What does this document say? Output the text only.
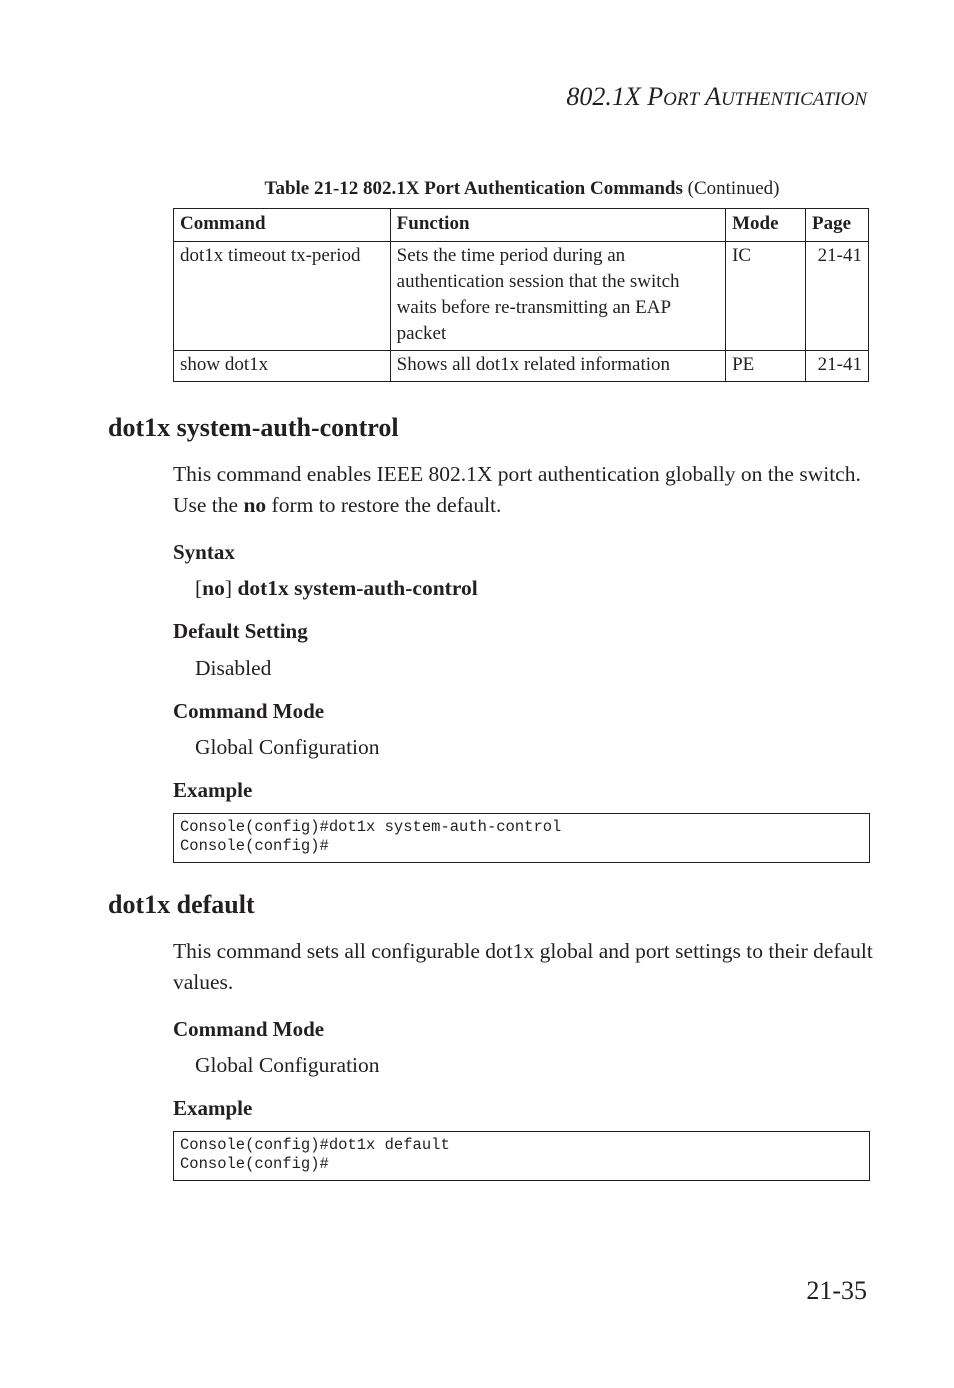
802.1X PORT AUTHENTICATION
Table 21-12 802.1X Port Authentication Commands (Continued)
Command	Function	Mode	Page
dot1x timeout tx-period	Sets the time period during an authentication session that the switch waits before re-transmitting an EAP packet	IC	21-41
show dot1x	Shows all dot1x related information	PE	21-41
dot1x system-auth-control

This command enables IEEE 802.1X port authentication globally on the switch. Use the no form to restore the default.

Syntax
[no] dot1x system-auth-control
Default Setting
Disabled
Command Mode
Global Configuration
Example
Console(config)#dot1x system-auth-control
Console(config)#
dot1x default

This command sets all configurable dot1x global and port settings to their default values.

Command Mode
Global Configuration
Example
Console(config)#dot1x default
Console(config)#
21-35
